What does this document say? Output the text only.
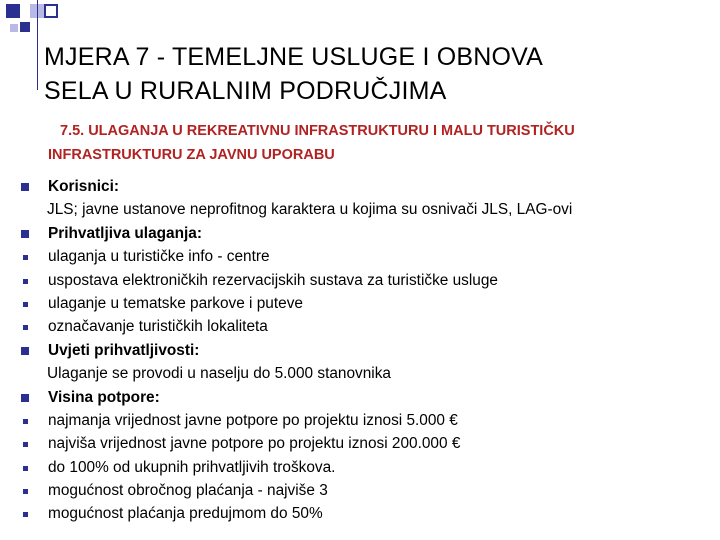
MJERA 7 - TEMELJNE USLUGE I OBNOVA
SELA U RURALNIM PODRUČJIMA
7.5. ULAGANJA U REKREATIVNU INFRASTRUKTURU I MALU TURISTIČKU
INFRASTRUKTURU ZA JAVNU UPORABU
Korisnici:
JLS; javne ustanove neprofitnog karaktera u kojima su osnivači JLS, LAG-ovi
Prihvatljiva ulaganja:
ulaganja u turističke info - centre
uspostava elektroničkih rezervacijskih sustava za turističke usluge
ulaganje u tematske parkove i puteve
označavanje turističkih lokaliteta
Uvjeti prihvatljivosti:
Ulaganje se provodi u naselju do 5.000 stanovnika
Visina potpore:
najmanja vrijednost javne potpore po projektu iznosi 5.000 €
najviša vrijednost javne potpore po projektu iznosi 200.000 €
do 100% od ukupnih prihvatljivih troškova.
mogućnost obročnog plaćanja - najviše 3
mogućnost plaćanja predujmom do 50%
